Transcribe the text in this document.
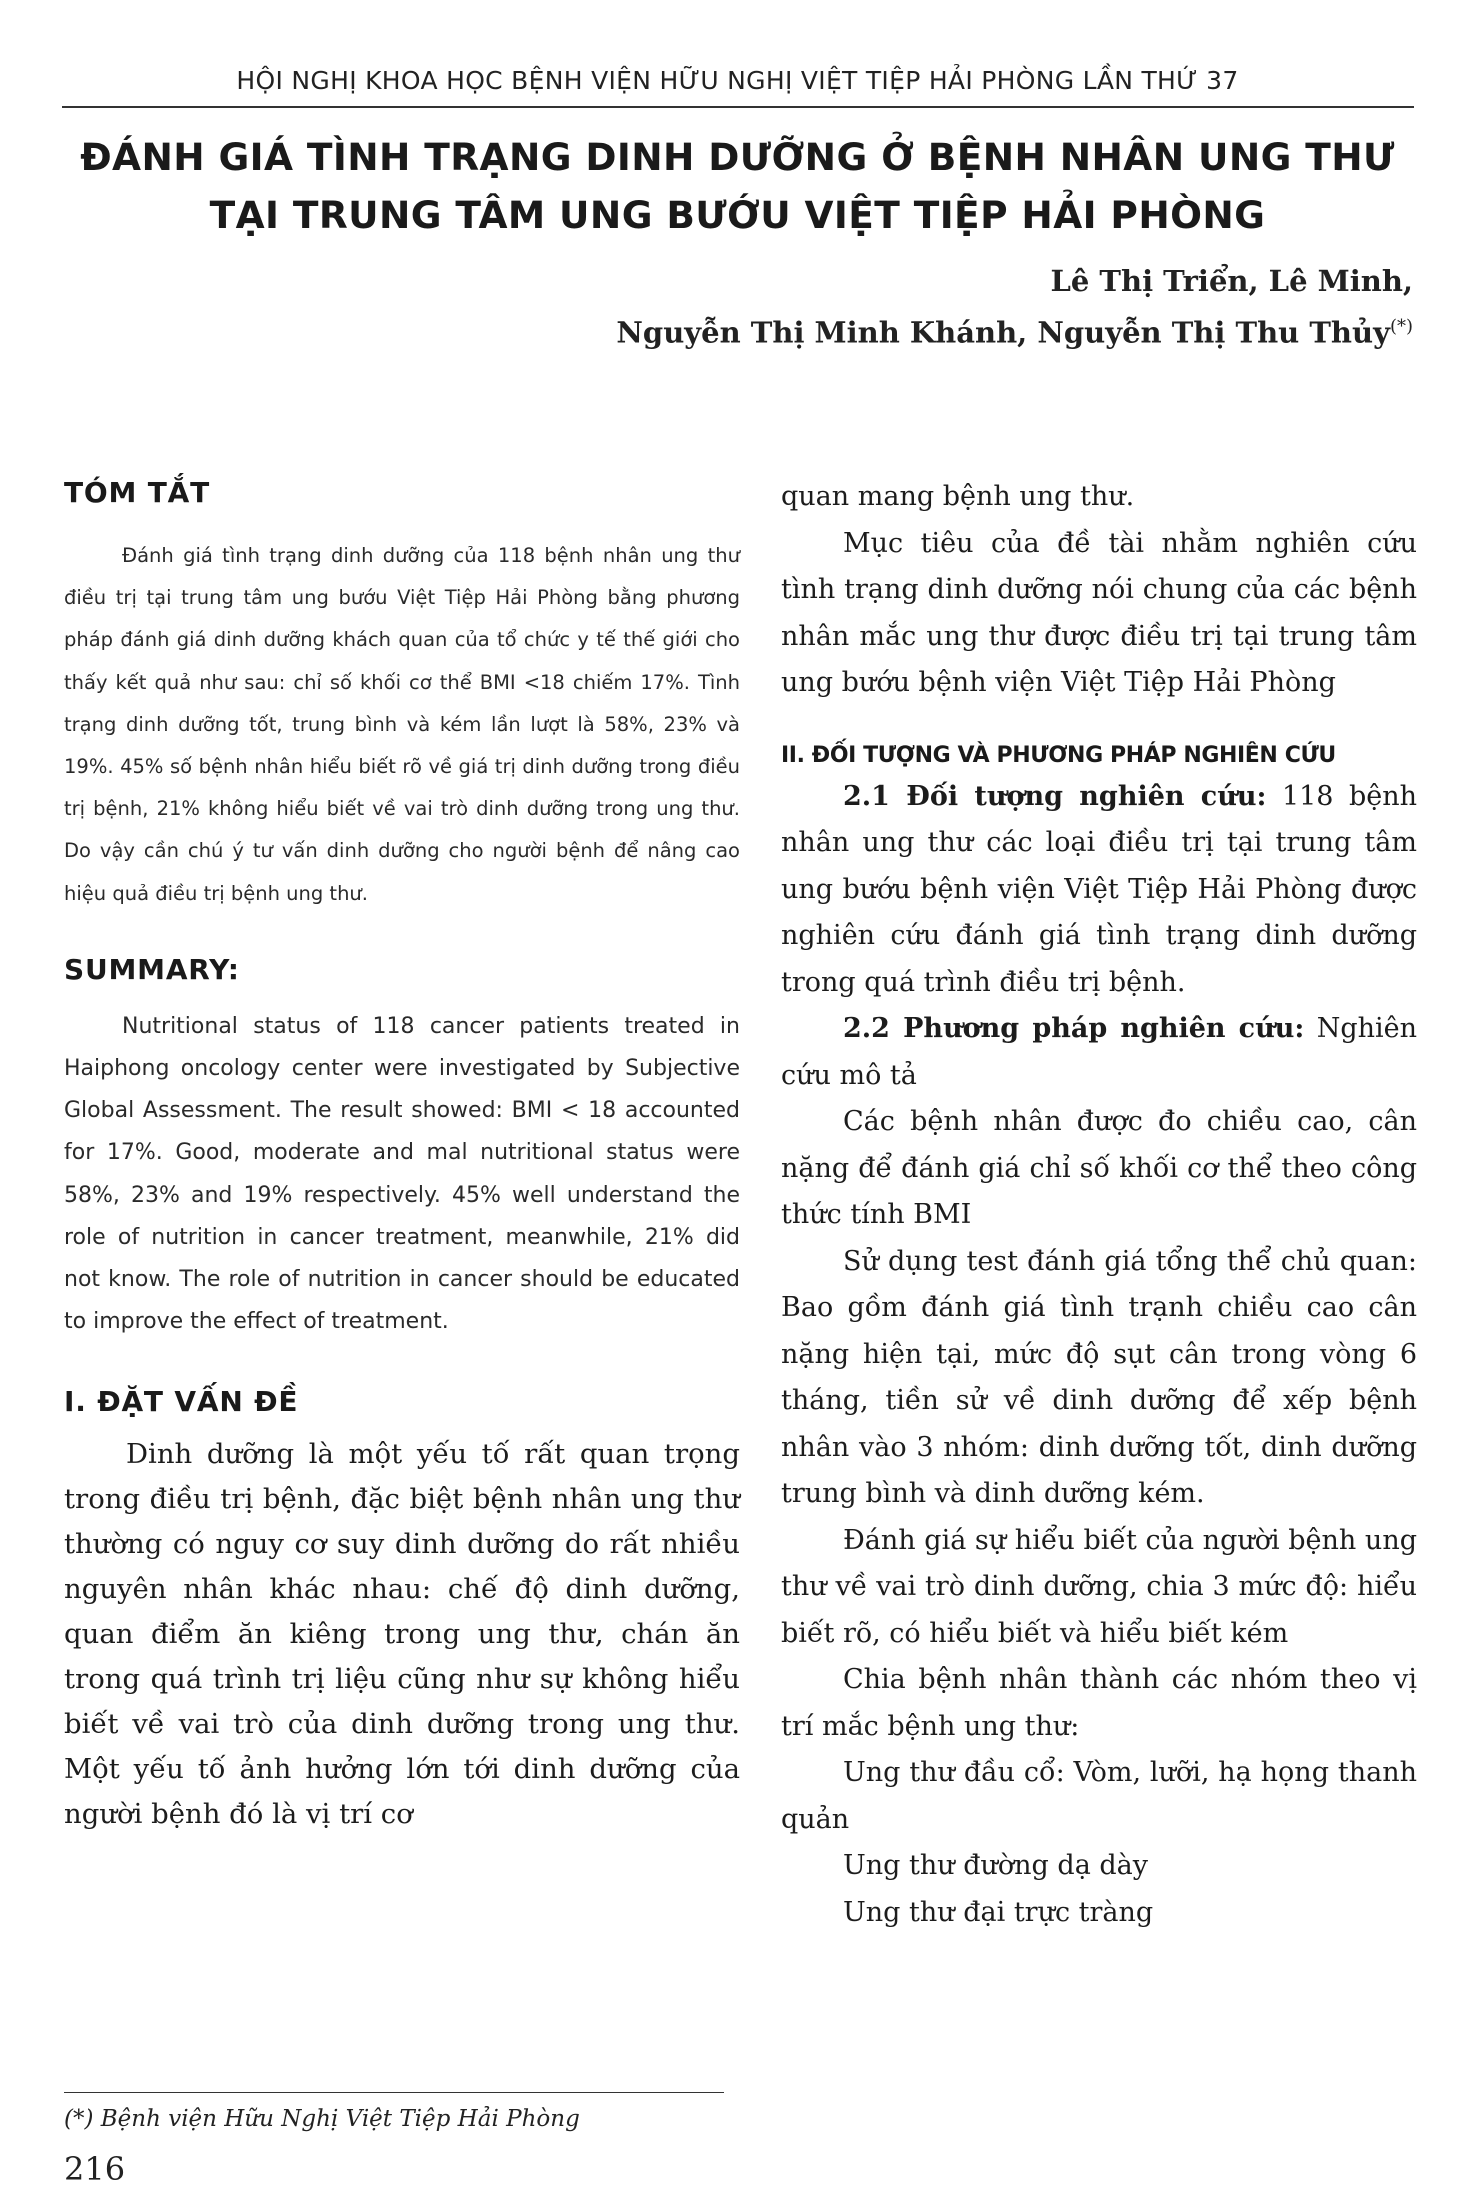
HỘI NGHỊ KHOA HỌC BỆNH VIỆN HỮU NGHỊ VIỆT TIỆP HẢI PHÒNG LẦN THỨ 37
ĐÁNH GIÁ TÌNH TRẠNG DINH DƯỠNG Ở BỆNH NHÂN UNG THƯ
TẠI TRUNG TÂM UNG BƯỚU VIỆT TIỆP HẢI PHÒNG
Lê Thị Triển, Lê Minh,
Nguyễn Thị Minh Khánh, Nguyễn Thị Thu Thủy(*)
TÓM TẮT

Đánh giá tình trạng dinh dưỡng của 118 bệnh nhân ung thư điều trị tại trung tâm ung bướu Việt Tiệp Hải Phòng bằng phương pháp đánh giá dinh dưỡng khách quan của tổ chức y tế thế giới cho thấy kết quả như sau: chỉ số khối cơ thể BMI <18 chiếm 17%. Tình trạng dinh dưỡng tốt, trung bình và kém lần lượt là 58%, 23% và 19%. 45% số bệnh nhân hiểu biết rõ về giá trị dinh dưỡng trong điều trị bệnh, 21% không hiểu biết về vai trò dinh dưỡng trong ung thư. Do vậy cần chú ý tư vấn dinh dưỡng cho người bệnh để nâng cao hiệu quả điều trị bệnh ung thư.

SUMMARY:

Nutritional status of 118 cancer patients treated in Haiphong oncology center were investigated by Subjective Global Assessment. The result showed: BMI < 18 accounted for 17%. Good, moderate and mal nutritional status were 58%, 23% and 19% respectively. 45% well understand the role of nutrition in cancer treatment, meanwhile, 21% did not know. The role of nutrition in cancer should be educated to improve the effect of treatment.

I. ĐẶT VẤN ĐỀ

Dinh dưỡng là một yếu tố rất quan trọng trong điều trị bệnh, đặc biệt bệnh nhân ung thư thường có nguy cơ suy dinh dưỡng do rất nhiều nguyên nhân khác nhau: chế độ dinh dưỡng, quan điểm ăn kiêng trong ung thư, chán ăn trong quá trình trị liệu cũng như sự không hiểu biết về vai trò của dinh dưỡng trong ung thư. Một yếu tố ảnh hưởng lớn tới dinh dưỡng của người bệnh đó là vị trí cơ

quan mang bệnh ung thư.

Mục tiêu của đề tài nhằm nghiên cứu tình trạng dinh dưỡng nói chung của các bệnh nhân mắc ung thư được điều trị tại trung tâm ung bướu bệnh viện Việt Tiệp Hải Phòng

II. ĐỐI TƯỢNG VÀ PHƯƠNG PHÁP NGHIÊN CỨU

2.1 Đối tượng nghiên cứu: 118 bệnh nhân ung thư các loại điều trị tại trung tâm ung bướu bệnh viện Việt Tiệp Hải Phòng được nghiên cứu đánh giá tình trạng dinh dưỡng trong quá trình điều trị bệnh.

2.2 Phương pháp nghiên cứu: Nghiên cứu mô tả

Các bệnh nhân được đo chiều cao, cân nặng để đánh giá chỉ số khối cơ thể theo công thức tính BMI

Sử dụng test đánh giá tổng thể chủ quan: Bao gồm đánh giá tình trạnh chiều cao cân nặng hiện tại, mức độ sụt cân trong vòng 6 tháng, tiền sử về dinh dưỡng để xếp bệnh nhân vào 3 nhóm: dinh dưỡng tốt, dinh dưỡng trung bình và dinh dưỡng kém.

Đánh giá sự hiểu biết của người bệnh ung thư về vai trò dinh dưỡng, chia 3 mức độ: hiểu biết rõ, có hiểu biết và hiểu biết kém

Chia bệnh nhân thành các nhóm theo vị trí mắc bệnh ung thư:

Ung thư đầu cổ: Vòm, lưỡi, hạ họng thanh quản

Ung thư đường dạ dày

Ung thư đại trực tràng

(*) Bệnh viện Hữu Nghị Việt Tiệp Hải Phòng
216
